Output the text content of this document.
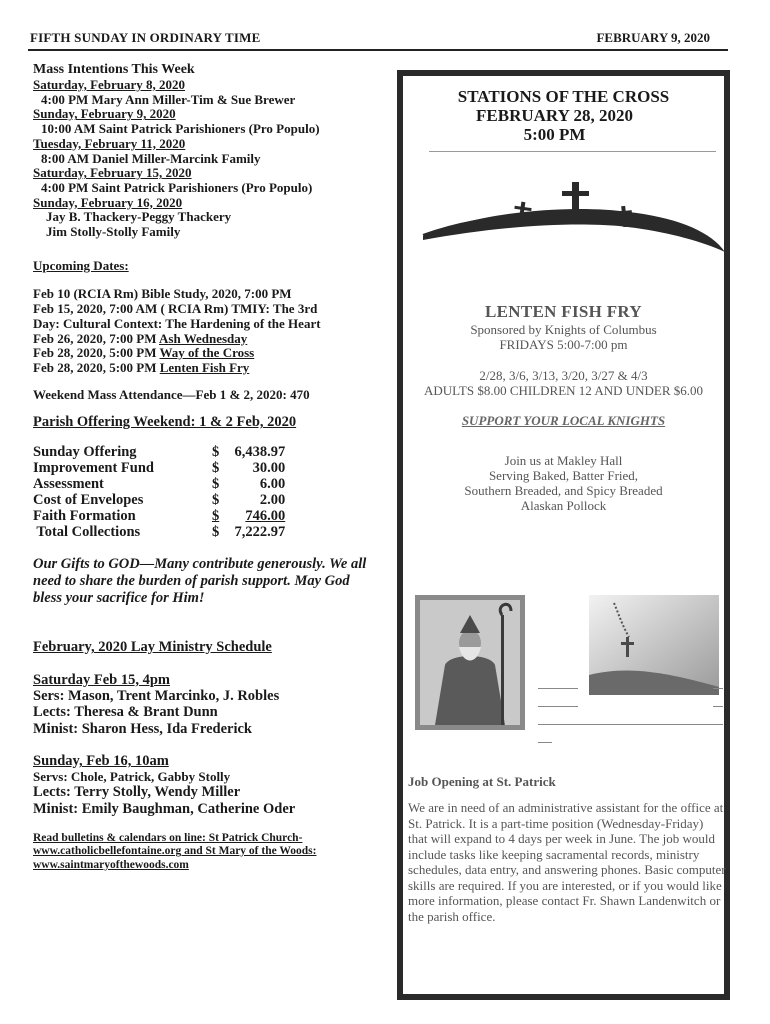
FIFTH SUNDAY IN ORDINARY TIME	FEBRUARY 9, 2020
Mass Intentions This Week
Saturday, February 8, 2020
4:00 PM Mary Ann Miller-Tim & Sue Brewer
Sunday, February 9, 2020
10:00 AM Saint Patrick Parishioners (Pro Populo)
Tuesday, February 11, 2020
8:00 AM Daniel Miller-Marcink Family
Saturday, February 15, 2020
4:00 PM Saint Patrick Parishioners (Pro Populo)
Sunday, February 16, 2020
Jay B. Thackery-Peggy Thackery
Jim Stolly-Stolly Family
Upcoming Dates:
Feb 10 (RCIA Rm) Bible Study, 2020, 7:00 PM
Feb 15, 2020, 7:00 AM ( RCIA Rm) TMIY: The 3rd
Day: Cultural Context: The Hardening of the Heart
Feb 26, 2020, 7:00 PM Ash Wednesday
Feb 28, 2020, 5:00 PM Way of the Cross
Feb 28, 2020, 5:00 PM Lenten Fish Fry
Weekend Mass Attendance—Feb 1 & 2, 2020: 470
Parish Offering Weekend: 1 & 2 Feb, 2020
Sunday Offering	$ 6,438.97
Improvement Fund	$ 30.00
Assessment	$ 6.00
Cost of Envelopes	$ 2.00
Faith Formation	$ 746.00
Total Collections	$ 7,222.97
Our Gifts to GOD—Many contribute generously. We all need to share the burden of parish support. May God bless your sacrifice for Him!
February, 2020 Lay Ministry Schedule
Saturday Feb 15, 4pm
Sers: Mason, Trent Marcinko, J. Robles
Lects: Theresa & Brant Dunn
Minist: Sharon Hess, Ida Frederick
Sunday, Feb 16, 10am
Servs: Chole, Patrick, Gabby Stolly
Lects: Terry Stolly, Wendy Miller
Minist: Emily Baughman, Catherine Oder
Read bulletins & calendars on line: St Patrick Church-
www.catholicbellefontaine.org and St Mary of the Woods:
www.saintmaryofthewoods.com
STATIONS OF THE CROSS
FEBRUARY 28, 2020
5:00 PM
LENTEN FISH FRY
Sponsored by Knights of Columbus
FRIDAYS 5:00-7:00 pm
2/28, 3/6, 3/13, 3/20, 3/27 & 4/3
ADULTS $8.00 CHILDREN 12 AND UNDER $6.00
SUPPORT YOUR LOCAL KNIGHTS
Join us at Makley Hall
Serving Baked, Batter Fried,
Southern Breaded, and Spicy Breaded
Alaskan Pollock
Job Opening at St. Patrick
We are in need of an administrative assistant for the office at St. Patrick. It is a part-time position (Wednesday-Friday) that will expand to 4 days per week in June. The job would include tasks like keeping sacramental records, ministry schedules, data entry, and answering phones. Basic computer skills are required. If you are interested, or if you would like more information, please contact Fr. Shawn Landenwitch or the parish office.
